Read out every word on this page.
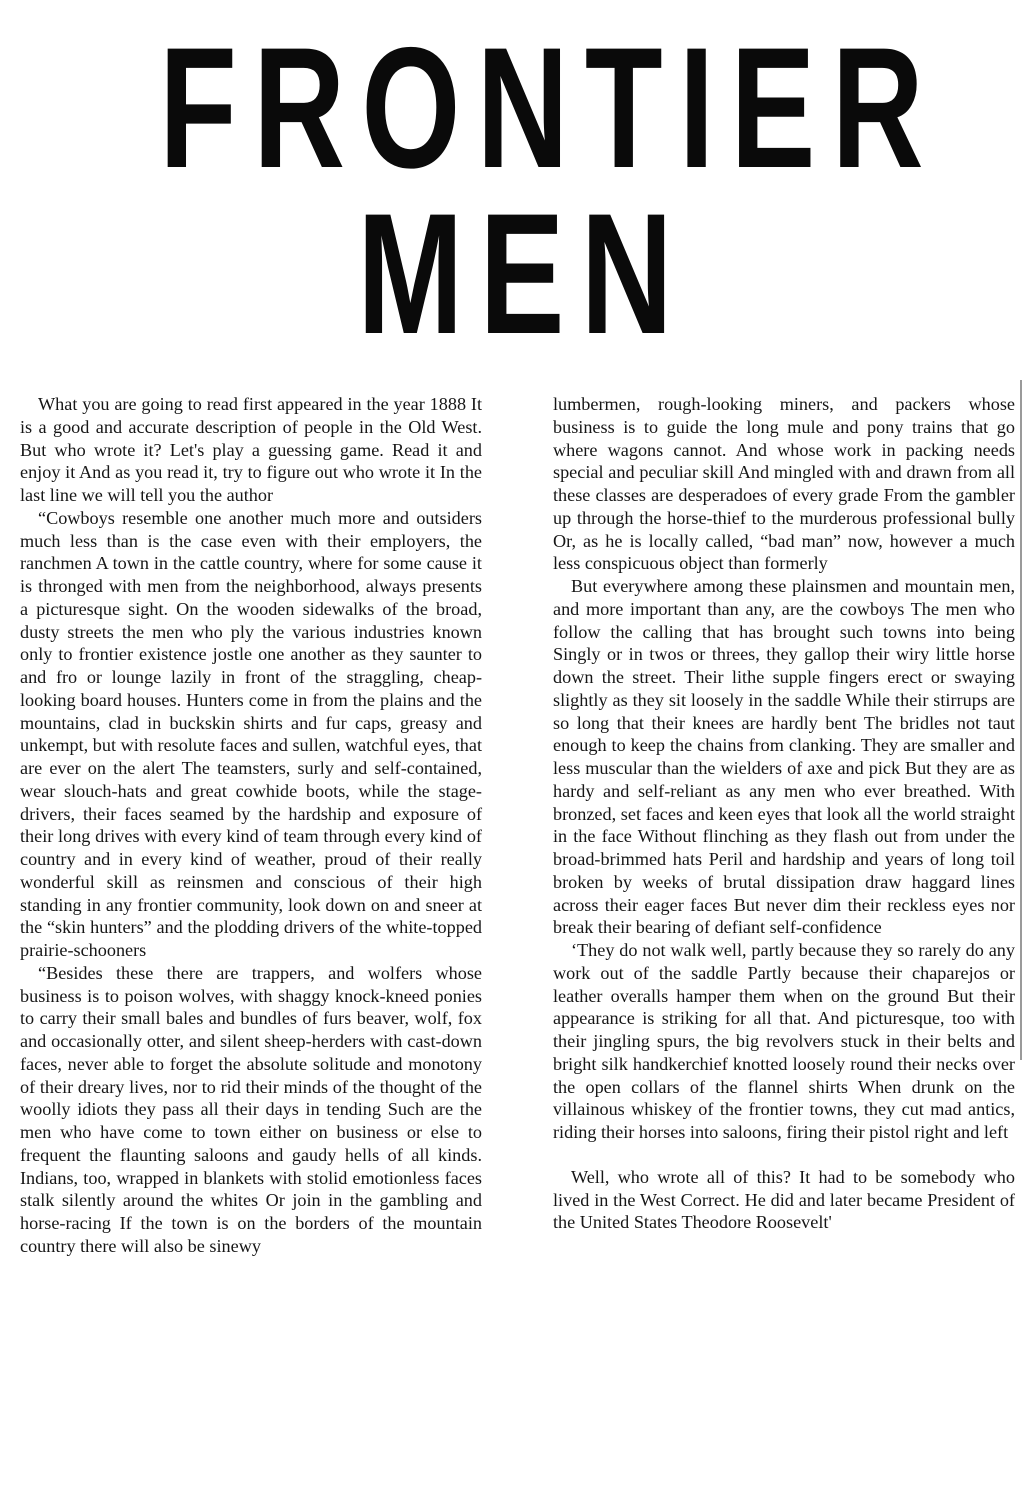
FRONTIER
MEN

What you are going to read first appeared in the year 1888 It is a good and accurate description of people in the Old West. But who wrote it? Let's play a guessing game. Read it and enjoy it And as you read it, try to figure out who wrote it In the last line we will tell you the author

“Cowboys resemble one another much more and outsiders much less than is the case even with their employers, the ranchmen A town in the cattle country, where for some cause it is thronged with men from the neighborhood, always presents a picturesque sight. On the wooden sidewalks of the broad, dusty streets the men who ply the various industries known only to frontier existence jostle one another as they saunter to and fro or lounge lazily in front of the straggling, cheap-looking board houses. Hunters come in from the plains and the mountains, clad in buckskin shirts and fur caps, greasy and unkempt, but with resolute faces and sullen, watchful eyes, that are ever on the alert The teamsters, surly and self-contained, wear slouch-hats and great cowhide boots, while the stage-drivers, their faces seamed by the hardship and exposure of their long drives with every kind of team through every kind of country and in every kind of weather, proud of their really wonderful skill as reinsmen and conscious of their high standing in any frontier community, look down on and sneer at the “skin hunters” and the plodding drivers of the white-topped prairie-schooners

“Besides these there are trappers, and wolfers whose business is to poison wolves, with shaggy knock-kneed ponies to carry their small bales and bundles of furs beaver, wolf, fox and occasionally otter, and silent sheep-herders with cast-down faces, never able to forget the absolute solitude and monotony of their dreary lives, nor to rid their minds of the thought of the woolly idiots they pass all their days in tending Such are the men who have come to town either on business or else to frequent the flaunting saloons and gaudy hells of all kinds. Indians, too, wrapped in blankets with stolid emotionless faces stalk silently around the whites Or join in the gambling and horse-racing If the town is on the borders of the mountain country there will also be sinewy

lumbermen, rough-looking miners, and packers whose business is to guide the long mule and pony trains that go where wagons cannot. And whose work in packing needs special and peculiar skill And mingled with and drawn from all these classes are desperadoes of every grade From the gambler up through the horse-thief to the murderous professional bully Or, as he is locally called, “bad man” now, however a much less conspicuous object than formerly

But everywhere among these plainsmen and mountain men, and more important than any, are the cowboys The men who follow the calling that has brought such towns into being Singly or in twos or threes, they gallop their wiry little horse down the street. Their lithe supple fingers erect or swaying slightly as they sit loosely in the saddle While their stirrups are so long that their knees are hardly bent The bridles not taut enough to keep the chains from clanking. They are smaller and less muscular than the wielders of axe and pick But they are as hardy and self-reliant as any men who ever breathed. With bronzed, set faces and keen eyes that look all the world straight in the face Without flinching as they flash out from under the broad-brimmed hats Peril and hardship and years of long toil broken by weeks of brutal dissipation draw haggard lines across their eager faces But never dim their reckless eyes nor break their bearing of defiant self-confidence

‘They do not walk well, partly because they so rarely do any work out of the saddle Partly because their chaparejos or leather overalls hamper them when on the ground But their appearance is striking for all that. And picturesque, too with their jingling spurs, the big revolvers stuck in their belts and bright silk handkerchief knotted loosely round their necks over the open collars of the flannel shirts When drunk on the villainous whiskey of the frontier towns, they cut mad antics, riding their horses into saloons, firing their pistol right and left

Well, who wrote all of this? It had to be somebody who lived in the West Correct. He did and later became President of the United States Theodore Roosevelt'
